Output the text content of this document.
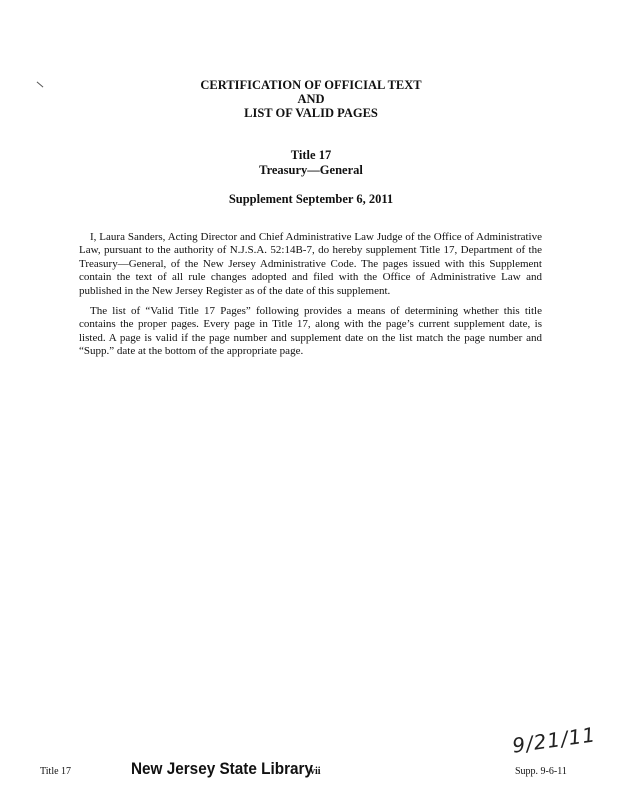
CERTIFICATION OF OFFICIAL TEXT
AND
LIST OF VALID PAGES
Title 17
Treasury—General
Supplement September 6, 2011

I, Laura Sanders, Acting Director and Chief Administrative Law Judge of the Office of Administrative Law, pursuant to the authority of N.J.S.A. 52:14B-7, do hereby supplement Title 17, Department of the Treasury—General, of the New Jersey Administrative Code. The pages issued with this Supplement contain the text of all rule changes adopted and filed with the Office of Administrative Law and published in the New Jersey Register as of the date of this supplement.

The list of “Valid Title 17 Pages” following provides a means of determining whether this title contains the proper pages. Every page in Title 17, along with the page’s current supplement date, is listed. A page is valid if the page number and supplement date on the list match the page number and “Supp.” date at the bottom of the appropriate page.

9/21/11
Title 17	New Jersey State Library
vii	Supp. 9-6-11
